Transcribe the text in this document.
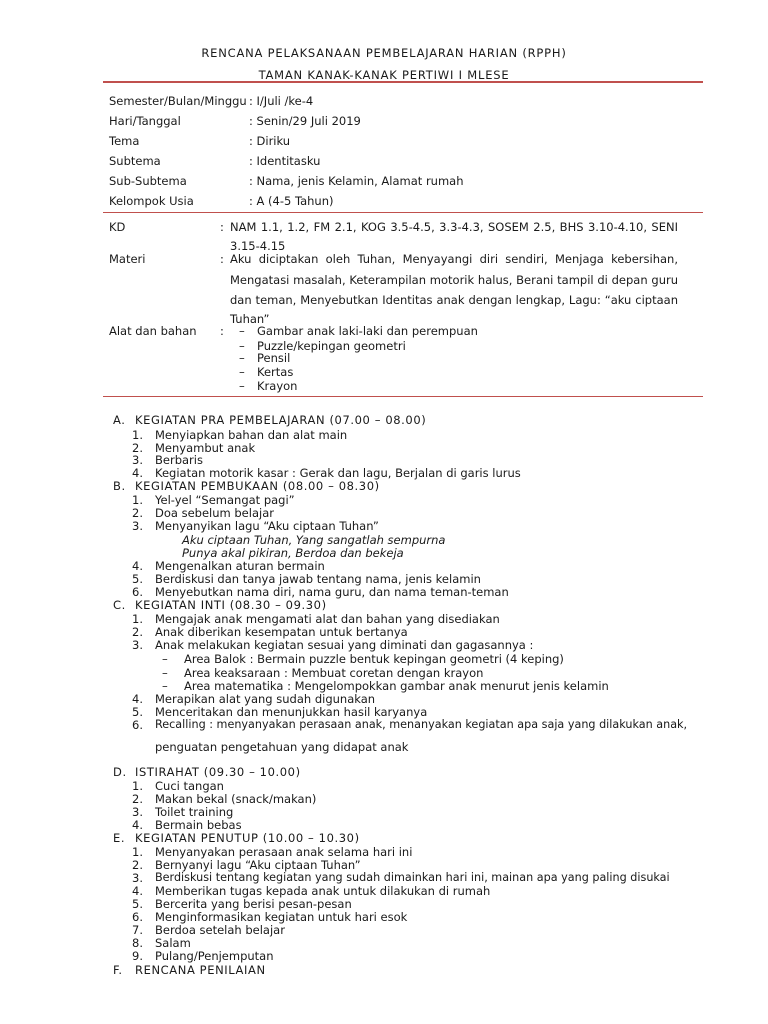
RENCANA PELAKSANAAN PEMBELAJARAN HARIAN (RPPH)
TAMAN KANAK-KANAK PERTIWI I MLESE
Semester/Bulan/Minggu : I/Juli /ke-4
Hari/Tanggal	: Senin/29 Juli 2019
Tema	: Diriku
Subtema	: Identitasku
Sub-Subtema	: Nama, jenis Kelamin, Alamat rumah
Kelompok Usia	: A (4-5 Tahun)
KD	: NAM 1.1, 1.2, FM 2.1, KOG 3.5-4.5, 3.3-4.3, SOSEM 2.5, BHS 3.10-4.10, SENI
3.15-4.15
Materi	: Aku diciptakan oleh Tuhan, Menyayangi diri sendiri, Menjaga kebersihan,
Mengatasi masalah, Keterampilan motorik halus, Berani tampil di depan guru
dan teman, Menyebutkan Identitas anak dengan lengkap, Lagu: “aku ciptaan
Tuhan”
Alat dan bahan : – Gambar anak laki-laki dan perempuan
– Puzzle/kepingan geometri
– Pensil
– Kertas
– Krayon
A. KEGIATAN PRA PEMBELAJARAN (07.00 – 08.00)
1. Menyiapkan bahan dan alat main
2. Menyambut anak
3. Berbaris
4. Kegiatan motorik kasar : Gerak dan lagu, Berjalan di garis lurus
B. KEGIATAN PEMBUKAAN (08.00 – 08.30)
1. Yel-yel “Semangat pagi”
2. Doa sebelum belajar
3. Menyanyikan lagu “Aku ciptaan Tuhan”
Aku ciptaan Tuhan, Yang sangatlah sempurna
Punya akal pikiran, Berdoa dan bekeja
4. Mengenalkan aturan bermain
5. Berdiskusi dan tanya jawab tentang nama, jenis kelamin
6. Menyebutkan nama diri, nama guru, dan nama teman-teman
C. KEGIATAN INTI (08.30 – 09.30)
1. Mengajak anak mengamati alat dan bahan yang disediakan
2. Anak diberikan kesempatan untuk bertanya
3. Anak melakukan kegiatan sesuai yang diminati dan gagasannya :
– Area Balok : Bermain puzzle bentuk kepingan geometri (4 keping)
– Area keaksaraan : Membuat coretan dengan krayon
– Area matematika : Mengelompokkan gambar anak menurut jenis kelamin
4. Merapikan alat yang sudah digunakan
5. Menceritakan dan menunjukkan hasil karyanya
6. Recalling : menyanyakan perasaan anak, menanyakan kegiatan apa saja yang dilakukan anak,
penguatan pengetahuan yang didapat anak
D. ISTIRAHAT (09.30 – 10.00)
1. Cuci tangan
2. Makan bekal (snack/makan)
3. Toilet training
4. Bermain bebas
E. KEGIATAN PENUTUP (10.00 – 10.30)
1. Menyanyakan perasaan anak selama hari ini
2. Bernyanyi lagu “Aku ciptaan Tuhan”
3. Berdiskusi tentang kegiatan yang sudah dimainkan hari ini, mainan apa yang paling disukai
4. Memberikan tugas kepada anak untuk dilakukan di rumah
5. Bercerita yang berisi pesan-pesan
6. Menginformasikan kegiatan untuk hari esok
7. Berdoa setelah belajar
8. Salam
9. Pulang/Penjemputan
F. RENCANA PENILAIAN
